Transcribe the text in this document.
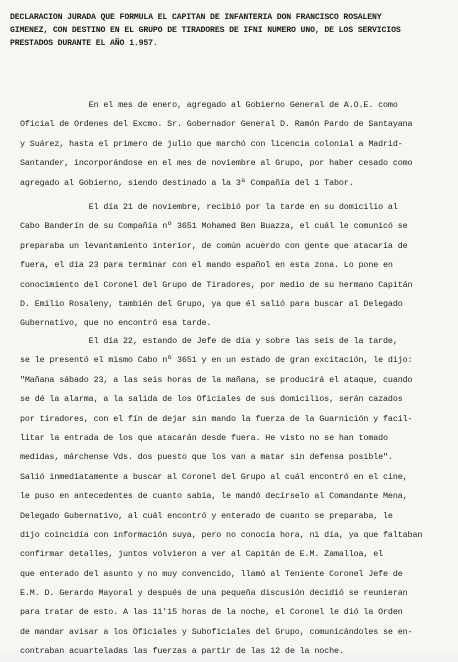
DECLARACION JURADA QUE FORMULA EL CAPITAN DE INFANTERIA DON FRANCISCO ROSALENY
GIMENEZ, CON DESTINO EN EL GRUPO DE TIRADORES DE IFNI NUMERO UNO, DE LOS SERVICIOS
PRESTADOS DURANTE EL AÑO 1.957.
En el mes de enero, agregado al Gobierno General de A.O.E. como
Oficial de Ordenes del Excmo. Sr. Gobernador General D. Ramón Pardo de Santayana
y Suárez, hasta el primero de julio que marchó con licencia colonial a Madrid-
Santander, incorporándose en el mes de noviembre al Grupo, por haber cesado como
agregado al Gobierno, siendo destinado a la 3ª Compañía del 1 Tabor.
El día 21 de noviembre, recibió por la tarde en su domicilio al
Cabo Banderín de su Compañía nº 3651 Mohamed Ben Buazza, el cuál le comunicó se
preparaba un levantamiento interior, de común acuerdo con gente que atacaría de
fuera, el día 23 para terminar con el mando español en esta zona. Lo pone en
conocimiento del Coronel del Grupo de Tiradores, por medio de su hermano Capitán
D. Emilio Rosaleny, también del Grupo, ya que él salió para buscar al Delegado
Gubernativo, que no encontró esa tarde.
El día 22, estando de Jefe de día y sobre las seis de la tarde,
se le presentó el mismo Cabo nº 3651 y en un estado de gran excitación, le dijo:
"Mañana sábado 23, a las seis horas de la mañana, se producirá el ataque, cuando
se dé la alarma, a la salida de los Oficiales de sus domicilios, serán cazados
por tiradores, con el fín de dejar sin mando la fuerza de la Guarnición y facil-
litar la entrada de los que atacarán desde fuera. He visto no se han tomado
medidas, márchense Vds. dos puesto que los van a matar sin defensa posible".
Salió inmediatamente a buscar al Coronel del Grupo al cuál encontró en el cine,
le puso en antecedentes de cuanto sabía, le mandó decírselo al Comandante Mena,
Delegado Gubernativo, al cuál encontró y enterado de cuanto se preparaba, le
dijo coincidía con información suya, pero no conocía hora, ni día, ya que faltaban
confirmar detalles, juntos volvieron a ver al Capitán de E.M. Zamalloa, el
que enterado del asunto y no muy convencido, llamó al Teniente Coronel Jefe de
E.M. D. Gerardo Mayoral y después de una pequeña discusión decidió se reunieran
para tratar de esto. A las 11'15 horas de la noche, el Coronel le dió la Orden
de mandar avisar a los Oficiales y Suboficiales del Grupo, comunicándoles se en-
contraban acuarteladas las fuerzas a partir de las 12 de la noche.
